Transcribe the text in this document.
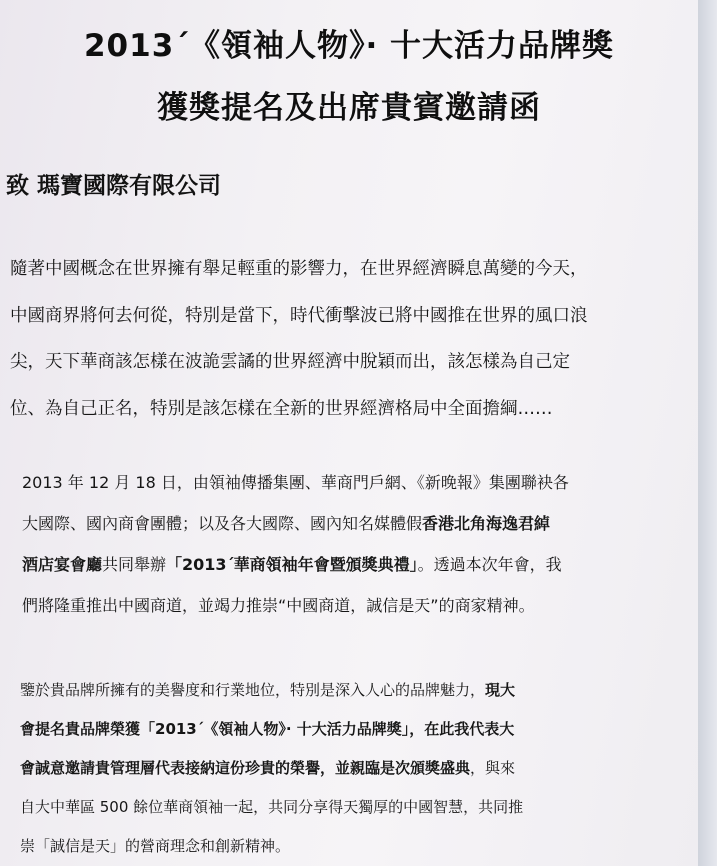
2013΄《領袖人物》· 十大活力品牌獎
獲獎提名及出席貴賓邀請函
致 瑪寶國際有限公司
隨著中國概念在世界擁有舉足輕重的影響力，在世界經濟瞬息萬變的今天，
中國商界將何去何從，特別是當下，時代衝擊波已將中國推在世界的風口浪
尖，天下華商該怎樣在波詭雲譎的世界經濟中脫穎而出，該怎樣為自己定
位、為自己正名，特別是該怎樣在全新的世界經濟格局中全面擔綱……
2013 年 12 月 18 日，由領袖傳播集團、華商門戶網、《新晚報》集團聯袂各
大國際、國內商會團體；以及各大國際、國內知名媒體假香港北角海逸君綽
酒店宴會廳共同舉辦「2013΄華商領袖年會暨頒獎典禮」。透過本次年會，我
們將隆重推出中國商道，並竭力推崇“中國商道，誠信是天”的商家精神。
鑒於貴品牌所擁有的美譽度和行業地位，特別是深入人心的品牌魅力，現大
會提名貴品牌榮獲「2013΄《領袖人物》· 十大活力品牌獎」，在此我代表大
會誠意邀請貴管理層代表接納這份珍貴的榮譽，並親臨是次頒獎盛典，與來
自大中華區 500 餘位華商領袖一起，共同分享得天獨厚的中國智慧，共同推
崇「誠信是天」的營商理念和創新精神。
